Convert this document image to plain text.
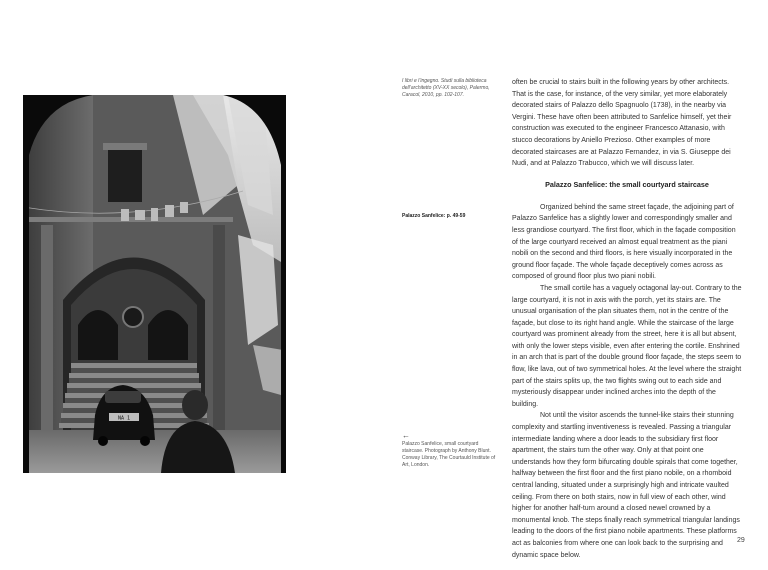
NA 1
I libri e l’ingegno. Studi sulla biblioteca dell’architetto (XV-XX secolo), Palermo, Caracol, 2010, pp. 102-107.
Palazzo Sanfelice: p. 49-59
←
Palazzo Sanfelice, small courtyard staircase. Photograph by Anthony Blunt. Conway Library, The Courtauld Institute of Art, London.

often be crucial to stairs built in the following years by other architects. That is the case, for instance, of the very similar, yet more elaborately decorated stairs of Palazzo dello Spagnuolo (1738), in the nearby via Vergini. These have often been attributed to Sanfelice himself, yet their construction was executed to the engineer Francesco Attanasio, with stucco decorations by Aniello Prezioso. Other examples of more decorated staircases are at Palazzo Fernandez, in via S. Giuseppe dei Nudi, and at Palazzo Trabucco, which we will discuss later.

Palazzo Sanfelice: the small courtyard staircase

Organized behind the same street façade, the adjoining part of Palazzo Sanfelice has a slightly lower and correspondingly smaller and less grandiose courtyard. The first floor, which in the façade composition of the large courtyard received an almost equal treatment as the piani nobili on the second and third floors, is here visually incorporated in the ground floor façade. The whole façade deceptively comes across as composed of ground floor plus two piani nobili.

The small cortile has a vaguely octagonal lay-out. Contrary to the large courtyard, it is not in axis with the porch, yet its stairs are. The unusual organisation of the plan situates them, not in the centre of the façade, but close to its right hand angle. While the staircase of the large courtyard was prominent already from the street, here it is all but absent, with only the lower steps visible, even after entering the cortile. Enshrined in an arch that is part of the double ground floor façade, the steps seem to flow, like lava, out of two symmetrical holes. At the level where the straight part of the stairs splits up, the two flights swing out to each side and mysteriously disappear under inclined arches into the depth of the building.

Not until the visitor ascends the tunnel-like stairs their stunning complexity and startling inventiveness is revealed. Passing a triangular intermediate landing where a door leads to the subsidiary first floor apartment, the stairs turn the other way. Only at that point one understands how they form bifurcating double spirals that come together, halfway between the first floor and the first piano nobile, on a rhomboid central landing, situated under a surprisingly high and intricate vaulted ceiling. From there on both stairs, now in full view of each other, wind higher for another half-turn around a closed newel crowned by a monumental knob. The steps finally reach symmetrical triangular landings leading to the doors of the first piano nobile apartments. These platforms act as balconies from where one can look back to the surprising and dynamic space below.

29
